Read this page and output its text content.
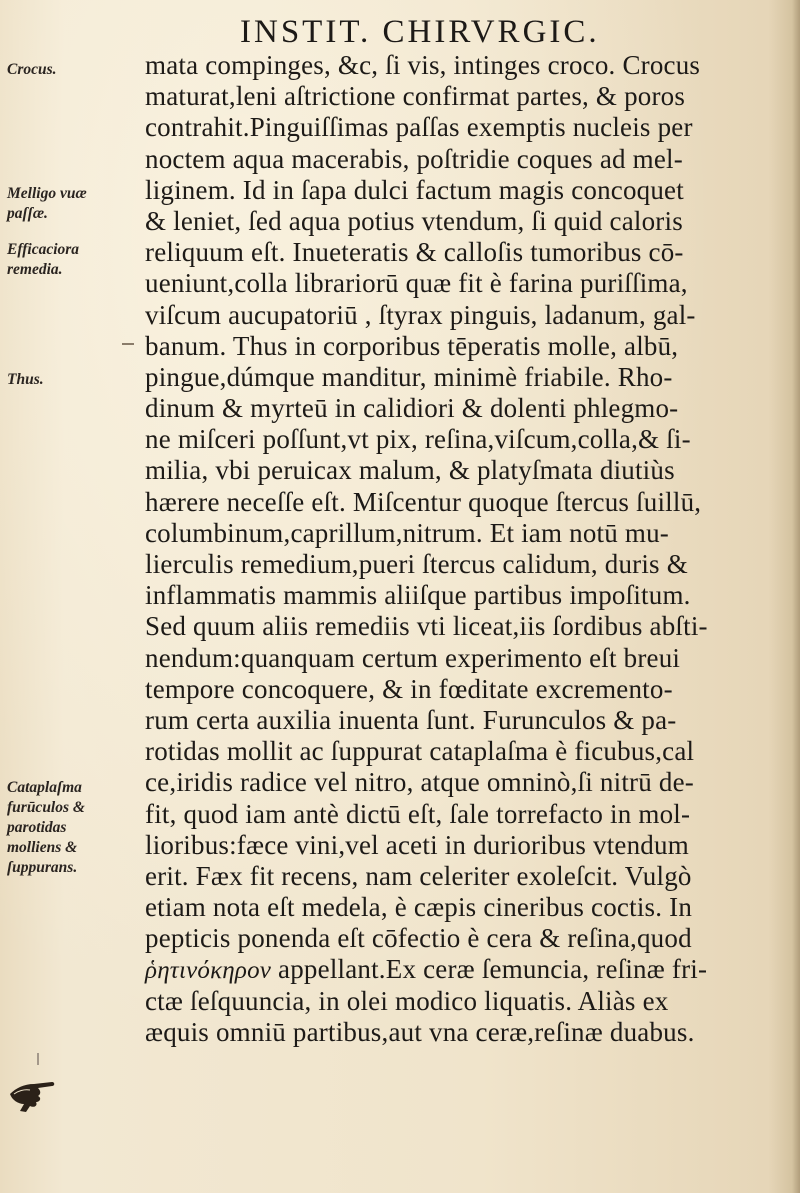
INSTIT. CHIRVRGIC.
Crocus.
Melligo vuæ
paſſæ.
Efficaciora
remedia.
Thus.
Cataplaſma
furūculos &
parotidas
molliens &
ſuppurans.
mata compinges, &c, ſi vis, intinges croco. Crocus
maturat,leni aſtrictione confirmat partes, & poros
contrahit.Pinguiſſimas paſſas exemptis nucleis per
noctem aqua macerabis, poſtridie coques ad mel-
liginem. Id in ſapa dulci factum magis concoquet
& leniet, ſed aqua potius vtendum, ſi quid caloris
reliquum eſt. Inueteratis & calloſis tumoribus cō-
ueniunt,colla librariorū quæ fit è farina puriſſima,
viſcum aucupatoriū , ſtyrax pinguis, ladanum, gal-
banum. Thus in corporibus tēperatis molle, albū,
pingue,dúmque manditur, minimè friabile. Rho-
dinum & myrteū in calidiori & dolenti phlegmo-
ne miſceri poſſunt,vt pix, reſina,viſcum,colla,& ſi-
milia, vbi peruicax malum, & platyſmata diutiùs
hærere neceſſe eſt. Miſcentur quoque ſtercus ſuillū,
columbinum,caprillum,nitrum. Et iam notū mu-
lierculis remedium,pueri ſtercus calidum, duris &
inflammatis mammis aliiſque partibus impoſitum.
Sed quum aliis remediis vti liceat,iis ſordibus abſti-
nendum:quanquam certum experimento eſt breui
tempore concoquere, & in fœditate excremento-
rum certa auxilia inuenta ſunt. Furunculos & pa-
rotidas mollit ac ſuppurat cataplaſma è ficubus,cal
ce,iridis radice vel nitro, atque omninò,ſi nitrū de-
fit, quod iam antè dictū eſt, ſale torrefacto in mol-
lioribus:fæce vini,vel aceti in durioribus vtendum
erit. Fæx fit recens, nam celeriter exoleſcit. Vulgò
etiam nota eſt medela, è cæpis cineribus coctis. In
pepticis ponenda eſt cōfectio è cera & reſina,quod
ῥητινόκηρον appellant.Ex ceræ ſemuncia, reſinæ fri-
ctæ ſeſquuncia, in olei modico liquatis. Aliàs ex
æquis omniū partibus,aut vna ceræ,reſinæ duabus.
